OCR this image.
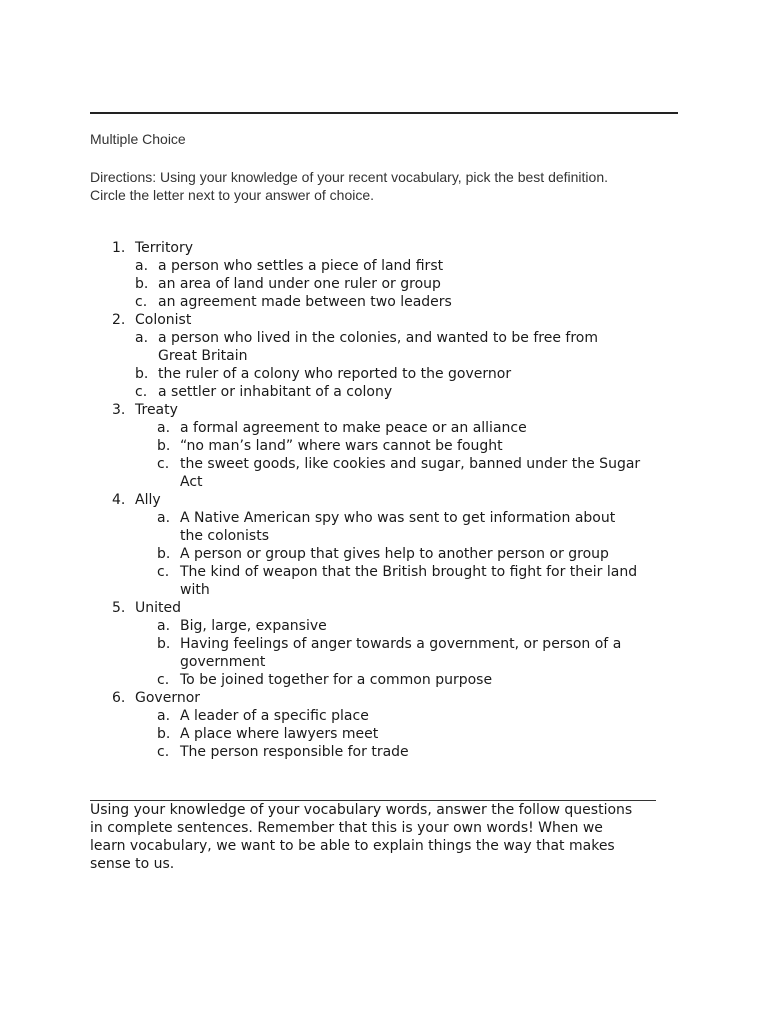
Multiple Choice
Directions: Using your knowledge of your recent vocabulary, pick the best definition.
Circle the letter next to your answer of choice.
1. Territory
a. a person who settles a piece of land first
b. an area of land under one ruler or group
c. an agreement made between two leaders
2. Colonist
a. a person who lived in the colonies, and wanted to be free from
Great Britain
b. the ruler of a colony who reported to the governor
c. a settler or inhabitant of a colony
3. Treaty
a. a formal agreement to make peace or an alliance
b. “no man’s land” where wars cannot be fought
c. the sweet goods, like cookies and sugar, banned under the Sugar
Act
4. Ally
a. A Native American spy who was sent to get information about
the colonists
b. A person or group that gives help to another person or group
c. The kind of weapon that the British brought to fight for their land
with
5. United
a. Big, large, expansive
b. Having feelings of anger towards a government, or person of a
government
c. To be joined together for a common purpose
6. Governor
a. A leader of a specific place
b. A place where lawyers meet
c. The person responsible for trade
Using your knowledge of your vocabulary words, answer the follow questions
in complete sentences. Remember that this is your own words! When we
learn vocabulary, we want to be able to explain things the way that makes
sense to us.
